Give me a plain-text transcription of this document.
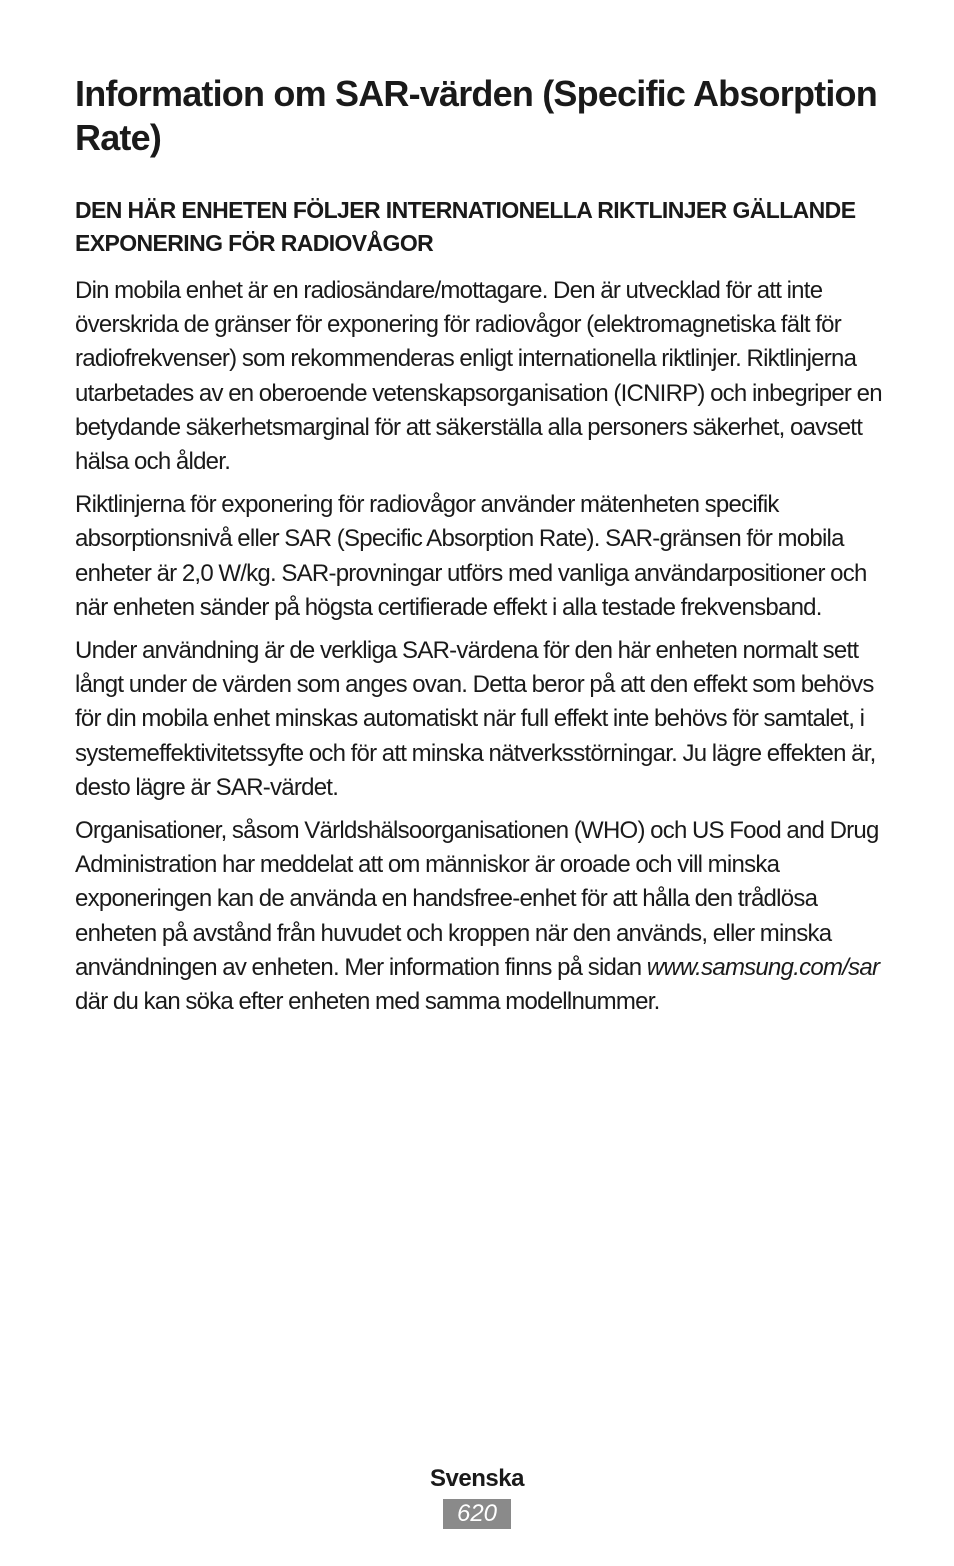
Information om SAR-värden (Specific Absorption Rate)
DEN HÄR ENHETEN FÖLJER INTERNATIONELLA RIKTLINJER GÄLLANDE EXPONERING FÖR RADIOVÅGOR

Din mobila enhet är en radiosändare/mottagare. Den är utvecklad för att inte överskrida de gränser för exponering för radiovågor (elektromagnetiska fält för radiofrekvenser) som rekommenderas enligt internationella riktlinjer. Riktlinjerna utarbetades av en oberoende vetenskapsorganisation (ICNIRP) och inbegriper en betydande säkerhetsmarginal för att säkerställa alla personers säkerhet, oavsett hälsa och ålder.

Riktlinjerna för exponering för radiovågor använder mätenheten specifik absorptionsnivå eller SAR (Specific Absorption Rate). SAR-gränsen för mobila enheter är 2,0 W/kg. SAR-provningar utförs med vanliga användarpositioner och när enheten sänder på högsta certifierade effekt i alla testade frekvensband.

Under användning är de verkliga SAR-värdena för den här enheten normalt sett långt under de värden som anges ovan. Detta beror på att den effekt som behövs för din mobila enhet minskas automatiskt när full effekt inte behövs för samtalet, i systemeffektivitetssyfte och för att minska nätverksstörningar. Ju lägre effekten är, desto lägre är SAR-värdet.

Organisationer, såsom Världshälsoorganisationen (WHO) och US Food and Drug Administration har meddelat att om människor är oroade och vill minska exponeringen kan de använda en handsfree-enhet för att hålla den trådlösa enheten på avstånd från huvudet och kroppen när den används, eller minska användningen av enheten. Mer information finns på sidan www.samsung.com/sar där du kan söka efter enheten med samma modellnummer.

Svenska
620
